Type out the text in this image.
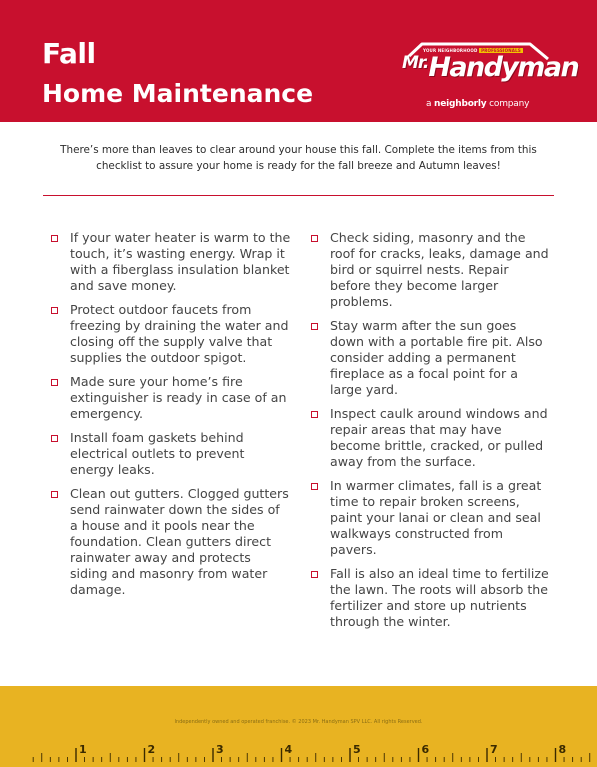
Fall
Home Maintenance
YOUR NEIGHBORHOOD PROFESSIONALS
$^{Mr.}$Handyman
a neighborly company
There’s more than leaves to clear around your house this fall. Complete the items from this checklist to assure your home is ready for the fall breeze and Autumn leaves!
If your water heater is warm to the touch, it’s wasting energy. Wrap it with a fiberglass insulation blanket and save money.
Protect outdoor faucets from freezing by draining the water and closing off the supply valve that supplies the outdoor spigot.
Made sure your home’s fire extinguisher is ready in case of an emergency.
Install foam gaskets behind electrical outlets to prevent energy leaks.
Clean out gutters. Clogged gutters send rainwater down the sides of a house and it pools near the foundation. Clean gutters direct rainwater away and protects siding and masonry from water damage.
Check siding, masonry and the roof for cracks, leaks, damage and bird or squirrel nests. Repair before they become larger problems.
Stay warm after the sun goes down with a portable fire pit. Also consider adding a permanent fireplace as a focal point for a large yard.
Inspect caulk around windows and repair areas that may have become brittle, cracked, or pulled away from the surface.
In warmer climates, fall is a great time to repair broken screens, paint your lanai or clean and seal walkways constructed from pavers.
Fall is also an ideal time to fertilize the lawn. The roots will absorb the fertilizer and store up nutrients through the winter.
Independently owned and operated franchise. © 2023 Mr. Handyman SPV LLC. All rights Reserved.
1	2	3	4	5	6	7	8
